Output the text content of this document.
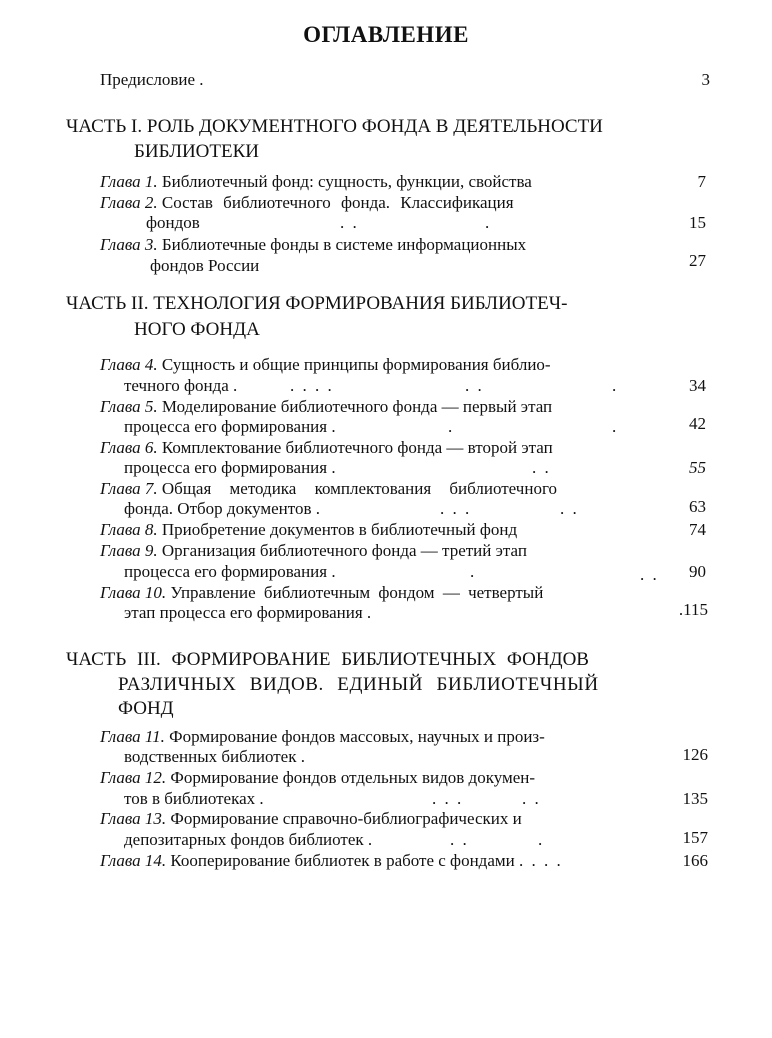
ОГЛАВЛЕНИЕ
Предисловие .	3
ЧАСТЬ I. РОЛЬ ДОКУМЕНТНОГО ФОНДА В ДЕЯТЕЛЬНОСТИ
БИБЛИОТЕКИ
Глава 1. Библиотечный фонд: сущность, функции, свойства	7
Глава 2. Состав библиотечного фонда. Классификация
фондов	. .	.	15
Глава 3. Библиотечные фонды в системе информационных
фондов России	27
ЧАСТЬ II. ТЕХНОЛОГИЯ ФОРМИРОВАНИЯ БИБЛИОТЕЧ-
НОГО ФОНДА
Глава 4. Сущность и общие принципы формирования библио-
течного фонда .	. . . .	. .	.	34
Глава 5. Моделирование библиотечного фонда — первый этап
процесса его формирования .	.	.	42
Глава 6. Комплектование библиотечного фонда — второй этап
процесса его формирования .	. .	55
Глава 7. Общая методика комплектования библиотечного
фонда. Отбор документов .	. . .	. .	63
Глава 8. Приобретение документов в библиотечный фонд	74
Глава 9. Организация библиотечного фонда — третий этап
процесса его формирования .	.	. .	90
Глава 10. Управление библиотечным фондом — четвертый
этап процесса его формирования .	.115
ЧАСТЬ III. ФОРМИРОВАНИЕ БИБЛИОТЕЧНЫХ ФОНДОВ
РАЗЛИЧНЫХ ВИДОВ. ЕДИНЫЙ БИБЛИОТЕЧНЫЙ
ФОНД
Глава 11. Формирование фондов массовых, научных и произ-
водственных библиотек .	126
Глава 12. Формирование фондов отдельных видов докумен-
тов в библиотеках .	. . .	. .	135
Глава 13. Формирование справочно-библиографических и
депозитарных фондов библиотек .	. .	.	157
Глава 14. Кооперирование библиотек в работе с фондами . . . .	166
